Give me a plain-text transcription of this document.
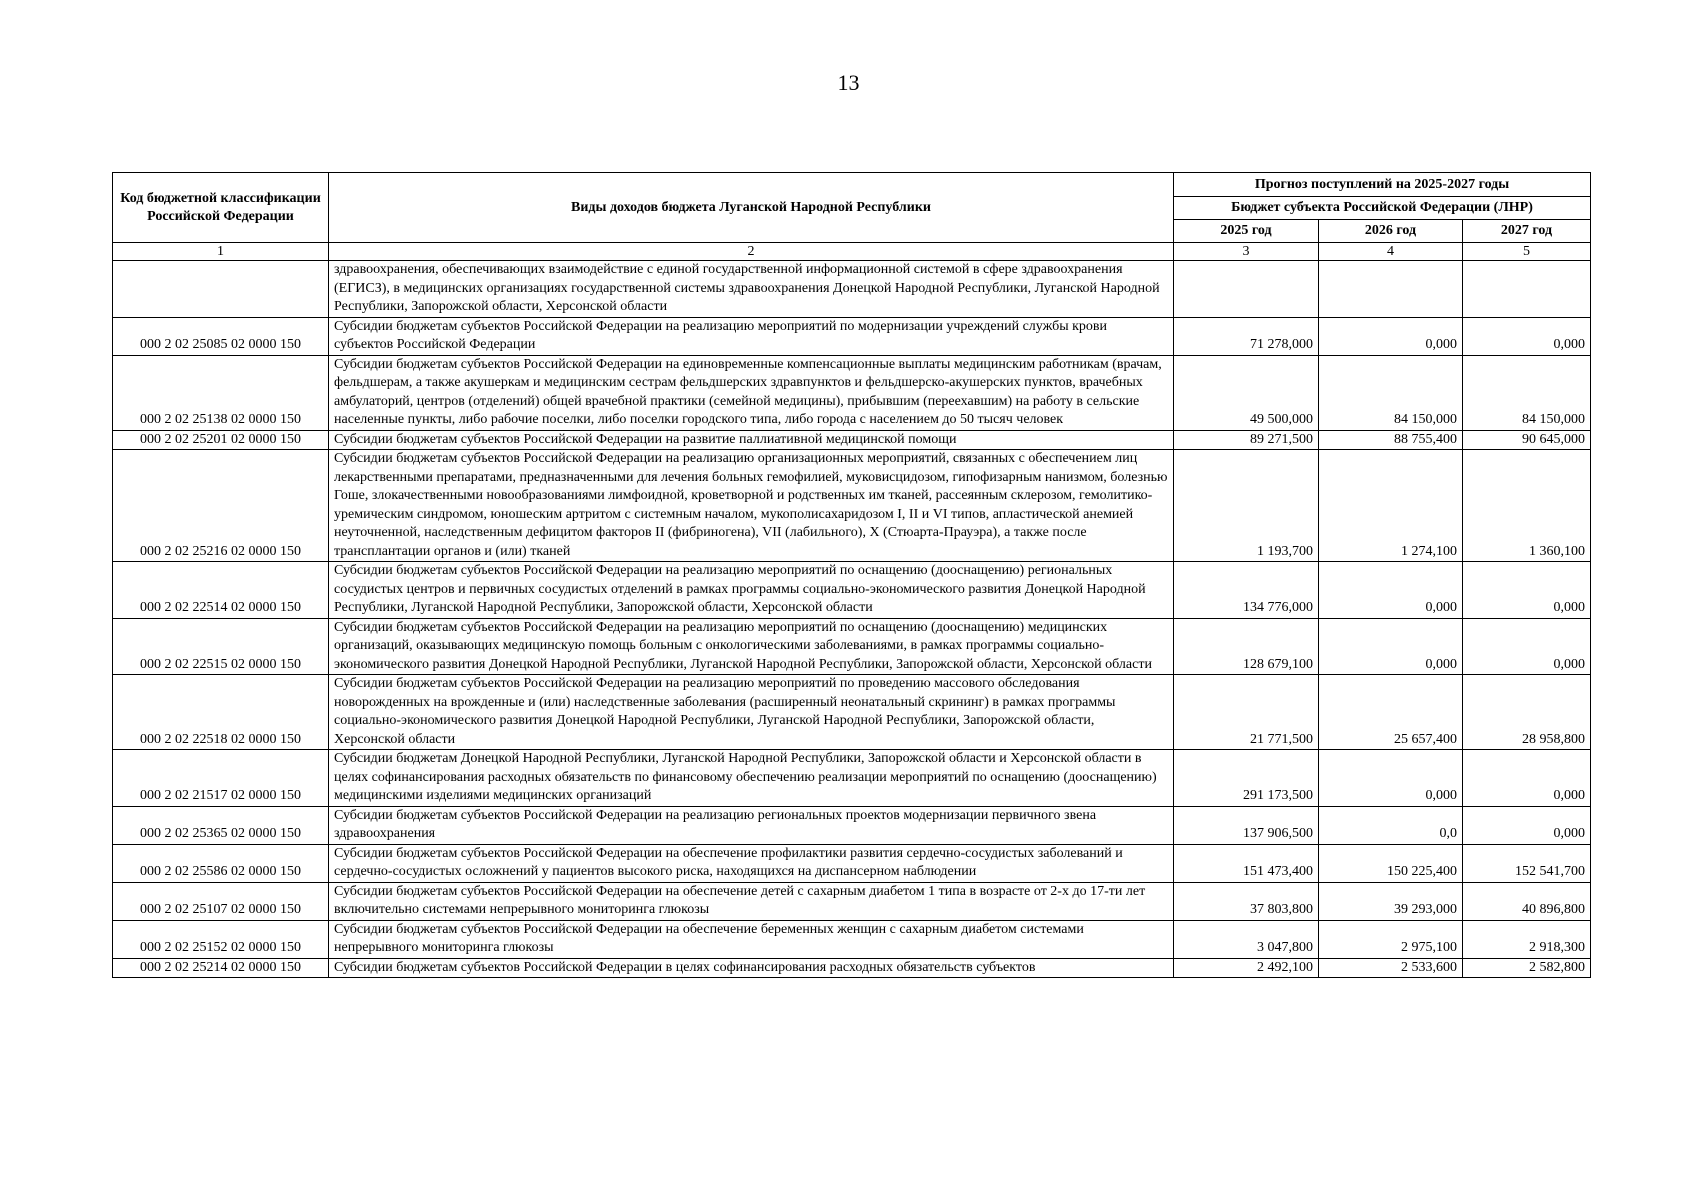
13
Код бюджетной классификации Российской Федерации	Виды доходов бюджета Луганской Народной Республики	Прогноз поступлений на 2025-2027 годы		
		Бюджет субъекта Российской Федерации (ЛНР)		
		2025 год	2026 год	2027 год
1	2	3	4	5
	здравоохранения, обеспечивающих взаимодействие с единой государственной информационной системой в сфере здравоохранения (ЕГИСЗ), в медицинских организациях государственной системы здравоохранения Донецкой Народной Республики, Луганской Народной Республики, Запорожской области, Херсонской области			
000 2 02 25085 02 0000 150	Субсидии бюджетам субъектов Российской Федерации на реализацию мероприятий по модернизации учреждений службы крови субъектов Российской Федерации	71 278,000	0,000	0,000
000 2 02 25138 02 0000 150	Субсидии бюджетам субъектов Российской Федерации на единовременные компенсационные выплаты медицинским работникам (врачам, фельдшерам, а также акушеркам и медицинским сестрам фельдшерских здравпунктов и фельдшерско-акушерских пунктов, врачебных амбулаторий, центров (отделений) общей врачебной практики (семейной медицины), прибывшим (переехавшим) на работу в сельские населенные пункты, либо рабочие поселки, либо поселки городского типа, либо города с населением до 50 тысяч человек	49 500,000	84 150,000	84 150,000
000 2 02 25201 02 0000 150	Субсидии бюджетам субъектов Российской Федерации на развитие паллиативной медицинской помощи	89 271,500	88 755,400	90 645,000
000 2 02 25216 02 0000 150	Субсидии бюджетам субъектов Российской Федерации на реализацию организационных мероприятий, связанных с обеспечением лиц лекарственными препаратами, предназначенными для лечения больных гемофилией, муковисцидозом, гипофизарным нанизмом, болезнью Гоше, злокачественными новообразованиями лимфоидной, кроветворной и родственных им тканей, рассеянным склерозом, гемолитико-уремическим синдромом, юношеским артритом с системным началом, мукополисахаридозом I, II и VI типов, апластической анемией неуточненной, наследственным дефицитом факторов II (фибриногена), VII (лабильного), X (Стюарта-Прауэра), а также после трансплантации органов и (или) тканей	1 193,700	1 274,100	1 360,100
000 2 02 22514 02 0000 150	Субсидии бюджетам субъектов Российской Федерации на реализацию мероприятий по оснащению (дооснащению) региональных сосудистых центров и первичных сосудистых отделений в рамках программы социально-экономического развития Донецкой Народной Республики, Луганской Народной Республики, Запорожской области, Херсонской области	134 776,000	0,000	0,000
000 2 02 22515 02 0000 150	Субсидии бюджетам субъектов Российской Федерации на реализацию мероприятий по оснащению (дооснащению) медицинских организаций, оказывающих медицинскую помощь больным с онкологическими заболеваниями, в рамках программы социально-экономического развития Донецкой Народной Республики, Луганской Народной Республики, Запорожской области, Херсонской области	128 679,100	0,000	0,000
000 2 02 22518 02 0000 150	Субсидии бюджетам субъектов Российской Федерации на реализацию мероприятий по проведению массового обследования новорожденных на врожденные и (или) наследственные заболевания (расширенный неонатальный скрининг) в рамках программы социально-экономического развития Донецкой Народной Республики, Луганской Народной Республики, Запорожской области, Херсонской области	21 771,500	25 657,400	28 958,800
000 2 02 21517 02 0000 150	Субсидии бюджетам Донецкой Народной Республики, Луганской Народной Республики, Запорожской области и Херсонской области в целях софинансирования расходных обязательств по финансовому обеспечению реализации мероприятий по оснащению (дооснащению) медицинскими изделиями медицинских организаций	291 173,500	0,000	0,000
000 2 02 25365 02 0000 150	Субсидии бюджетам субъектов Российской Федерации на реализацию региональных проектов модернизации первичного звена здравоохранения	137 906,500	0,0	0,000
000 2 02 25586 02 0000 150	Субсидии бюджетам субъектов Российской Федерации на обеспечение профилактики развития сердечно-сосудистых заболеваний и сердечно-сосудистых осложнений у пациентов высокого риска, находящихся на диспансерном наблюдении	151 473,400	150 225,400	152 541,700
000 2 02 25107 02 0000 150	Субсидии бюджетам субъектов Российской Федерации на обеспечение детей с сахарным диабетом 1 типа в возрасте от 2-х до 17-ти лет включительно системами непрерывного мониторинга глюкозы	37 803,800	39 293,000	40 896,800
000 2 02 25152 02 0000 150	Субсидии бюджетам субъектов Российской Федерации на обеспечение беременных женщин с сахарным диабетом системами непрерывного мониторинга глюкозы	3 047,800	2 975,100	2 918,300
000 2 02 25214 02 0000 150	Субсидии бюджетам субъектов Российской Федерации в целях софинансирования расходных обязательств субъектов	2 492,100	2 533,600	2 582,800
